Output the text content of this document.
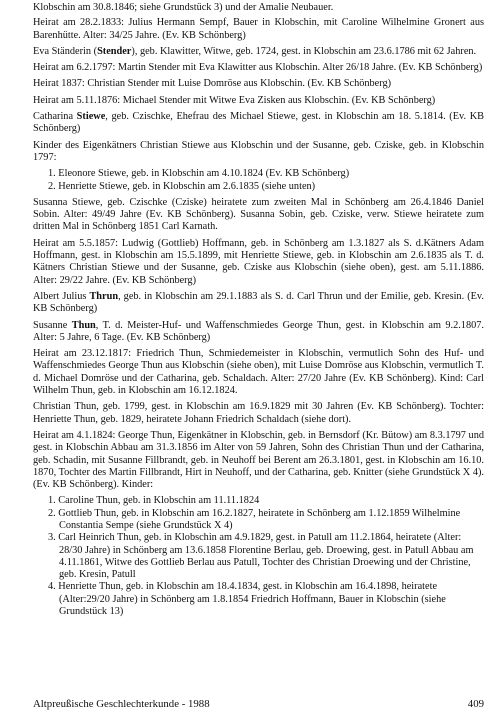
Klobschin am 30.8.1846; siehe Grundstück 3) und der Amalie Neubauer.

Heirat am 28.2.1833: Julius Hermann Sempf, Bauer in Klobschin, mit Caroline Wilhelmine Gronert aus Barenhütte. Alter: 34/25 Jahre. (Ev. KB Schönberg)

Eva Ständerin (Stender), geb. Klawitter, Witwe, geb. 1724, gest. in Klobschin am 23.6.1786 mit 62 Jahren.

Heirat am 6.2.1797: Martin Stender mit Eva Klawitter aus Klobschin. Alter 26/18 Jahre. (Ev. KB Schönberg)

Heirat 1837: Christian Stender mit Luise Domröse aus Klobschin. (Ev. KB Schönberg)

Heirat am 5.11.1876: Michael Stender mit Witwe Eva Zisken aus Klobschin. (Ev. KB Schönberg)

Catharina Stiewe, geb. Czischke, Ehefrau des Michael Stiewe, gest. in Klobschin am 18. 5.1814. (Ev. KB Schönberg)

Kinder des Eigenkätners Christian Stiewe aus Klobschin und der Susanne, geb. Cziske, geb. in Klobschin 1797:

1. Eleonore Stiewe, geb. in Klobschin am 4.10.1824 (Ev. KB Schönberg)
2. Henriette Stiewe, geb. in Klobschin am 2.6.1835 (siehe unten)

Susanna Stiewe, geb. Czischke (Cziske) heiratete zum zweiten Mal in Schönberg am 26.4.1846 Daniel Sobin. Alter: 49/49 Jahre (Ev. KB Schönberg). Susanna Sobin, geb. Cziske, verw. Stiewe heiratete zum dritten Mal in Schönberg 1851 Carl Karnath.

Heirat am 5.5.1857: Ludwig (Gottlieb) Hoffmann, geb. in Schönberg am 1.3.1827 als S. d.Kätners Adam Hoffmann, gest. in Klobschin am 15.5.1899, mit Henriette Stiewe, geb. in Klobschin am 2.6.1835 als T. d. Kätners Christian Stiewe und der Susanne, geb. Cziske aus Klobschin (siehe oben), gest. am 5.11.1886. Alter: 29/22 Jahre. (Ev. KB Schönberg)

Albert Julius Thrun, geb. in Klobschin am 29.1.1883 als S. d. Carl Thrun und der Emilie, geb. Kresin. (Ev. KB Schönberg)

Susanne Thun, T. d. Meister-Huf- und Waffenschmiedes George Thun, gest. in Klobschin am 9.2.1807. Alter: 5 Jahre, 6 Tage. (Ev. KB Schönberg)

Heirat am 23.12.1817: Friedrich Thun, Schmiedemeister in Klobschin, vermutlich Sohn des Huf- und Waffenschmiedes George Thun aus Klobschin (siehe oben), mit Luise Domröse aus Klobschin, vermutlich T. d. Michael Domröse und der Catharina, geb. Schaldach. Alter: 27/20 Jahre (Ev. KB Schönberg). Kind: Carl Wilhelm Thun, geb. in Klobschin am 16.12.1824.

Christian Thun, geb. 1799, gest. in Klobschin am 16.9.1829 mit 30 Jahren (Ev. KB Schönberg). Tochter: Henriette Thun, geb. 1829, heiratete Johann Friedrich Schaldach (siehe dort).

Heirat am 4.1.1824: George Thun, Eigenkätner in Klobschin, geb. in Bernsdorf (Kr. Bütow) am 8.3.1797 und gest. in Klobschin Abbau am 31.3.1856 im Alter von 59 Jahren, Sohn des Christian Thun und der Catharina, geb. Schadin, mit Susanne Fillbrandt, geb. in Neuhoff bei Berent am 26.3.1801, gest. in Klobschin am 16.10. 1870, Tochter des Martin Fillbrandt, Hirt in Neuhoff, und der Catharina, geb. Knitter (siehe Grundstück X 4). (Ev. KB Schönberg). Kinder:

1. Caroline Thun, geb. in Klobschin am 11.11.1824
2. Gottlieb Thun, geb. in Klobschin am 16.2.1827, heiratete in Schönberg am 1.12.1859 Wilhelmine Constantia Sempe (siehe Grundstück X 4)
3. Carl Heinrich Thun, geb. in Klobschin am 4.9.1829, gest. in Patull am 11.2.1864, heiratete (Alter: 28/30 Jahre) in Schönberg am 13.6.1858 Florentine Berlau, geb. Droewing, gest. in Patull Abbau am 4.11.1861, Witwe des Gottlieb Berlau aus Patull, Tochter des Christian Droewing und der Christine, geb. Kresin, Patull
4. Henriette Thun, geb. in Klobschin am 18.4.1834, gest. in Klobschin am 16.4.1898, heiratete (Alter:29/20 Jahre) in Schönberg am 1.8.1854 Friedrich Hoffmann, Bauer in Klobschin (siehe Grundstück 13)
Altpreußische Geschlechterkunde - 1988	409
